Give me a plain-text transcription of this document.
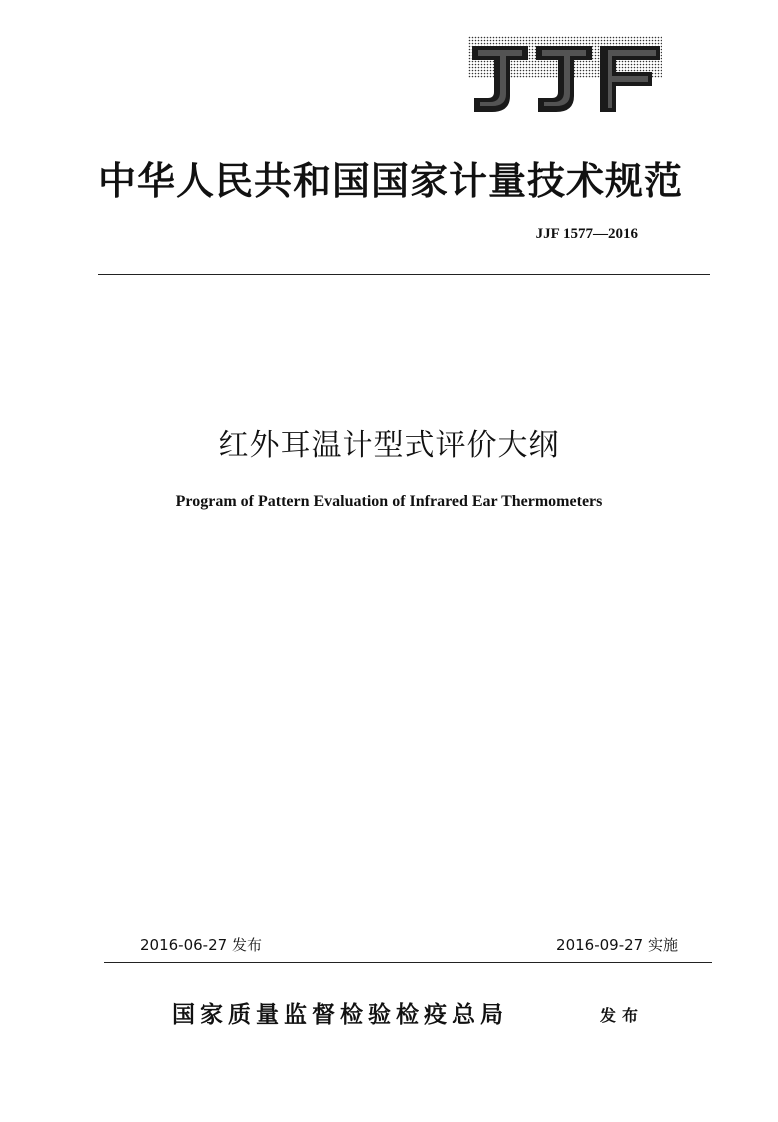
中华人民共和国国家计量技术规范
JJF 1577—2016
红外耳温计型式评价大纲
Program of Pattern Evaluation of Infrared Ear Thermometers
2016-06-27 发布	2016-09-27 实施
国家质量监督检验检疫总局	发布
